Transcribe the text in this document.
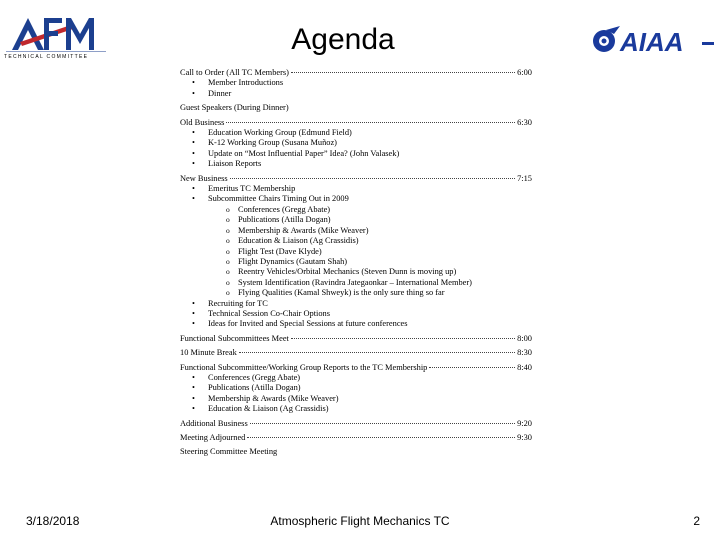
TECHNICAL COMMITTEE
Agenda	AIAA
Call to Order (All TC Members)	6:00
• Member Introductions
• Dinner
Guest Speakers (During Dinner)
Old Business	6:30
• Education Working Group (Edmund Field)
• K-12 Working Group (Susana Muñoz)
• Update on “Most Influential Paper” Idea? (John Valasek)
• Liaison Reports
New Business	7:15
• Emeritus TC Membership
• Subcommittee Chairs Timing Out in 2009
o Conferences (Gregg Abate)
o Publications (Atilla Dogan)
o Membership & Awards (Mike Weaver)
o Education & Liaison (Ag Crassidis)
o Flight Test (Dave Klyde)
o Flight Dynamics (Gautam Shah)
o Reentry Vehicles/Orbital Mechanics (Steven Dunn is moving up)
o System Identification (Ravindra Jategaonkar – International Member)
o Flying Qualities (Kamal Shweyk) is the only sure thing so far
• Recruiting for TC
• Technical Session Co-Chair Options
• Ideas for Invited and Special Sessions at future conferences
Functional Subcommittees Meet	8:00
10 Minute Break	8:30
Functional Subcommittee/Working Group Reports to the TC Membership	8:40
• Conferences (Gregg Abate)
• Publications (Atilla Dogan)
• Membership & Awards (Mike Weaver)
• Education & Liaison (Ag Crassidis)
Additional Business	9:20
Meeting Adjourned	9:30
Steering Committee Meeting
3/18/2018	Atmospheric Flight Mechanics TC	2
